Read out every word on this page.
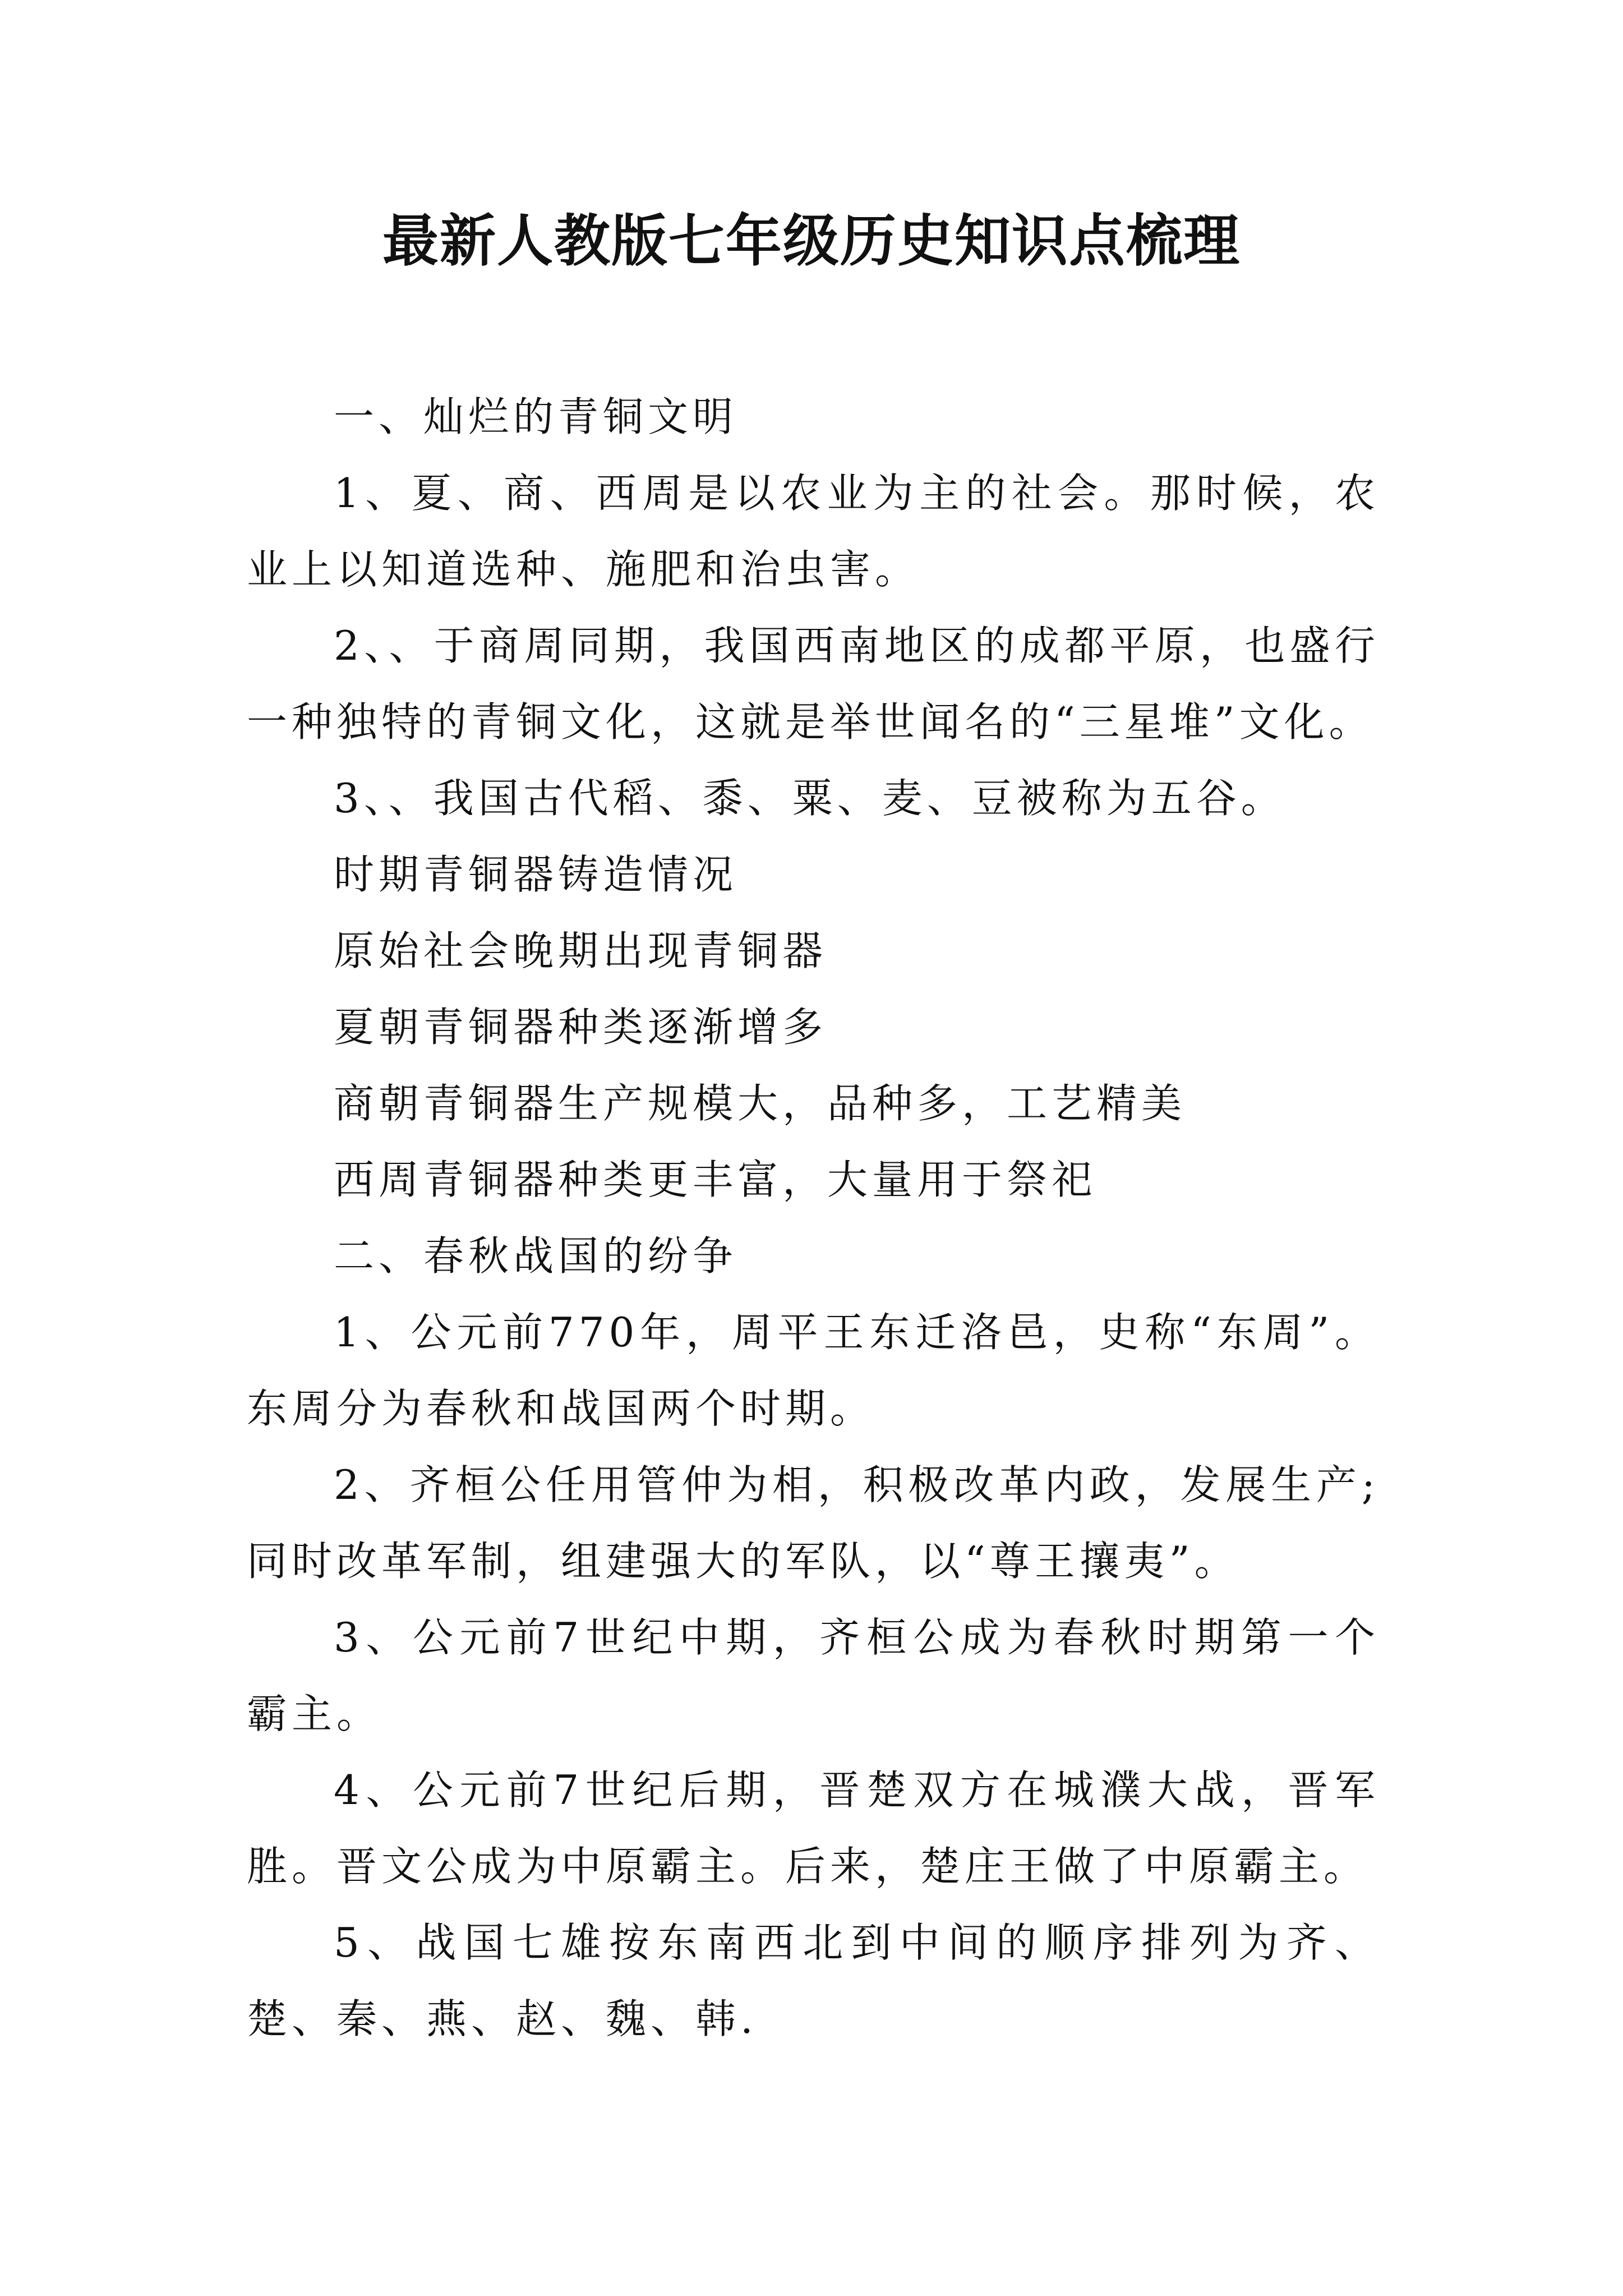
最新人教版七年级历史知识点梳理

一、灿烂的青铜文明

1、夏、商、西周是以农业为主的社会。那时候，农业上以知道选种、施肥和治虫害。

2、、于商周同期，我国西南地区的成都平原，也盛行一种独特的青铜文化，这就是举世闻名的“三星堆”文化。

3、、我国古代稻、黍、粟、麦、豆被称为五谷。

时期青铜器铸造情况

原始社会晚期出现青铜器

夏朝青铜器种类逐渐增多

商朝青铜器生产规模大，品种多，工艺精美

西周青铜器种类更丰富，大量用于祭祀

二、春秋战国的纷争

1、公元前770年，周平王东迁洛邑，史称“东周”。东周分为春秋和战国两个时期。

2、齐桓公任用管仲为相，积极改革内政，发展生产;同时改革军制，组建强大的军队，以“尊王攘夷”。

3、公元前7世纪中期，齐桓公成为春秋时期第一个霸主。

4、公元前7世纪后期，晋楚双方在城濮大战，晋军胜。晋文公成为中原霸主。后来，楚庄王做了中原霸主。

5、战国七雄按东南西北到中间的顺序排列为齐、楚、秦、燕、赵、魏、韩.
